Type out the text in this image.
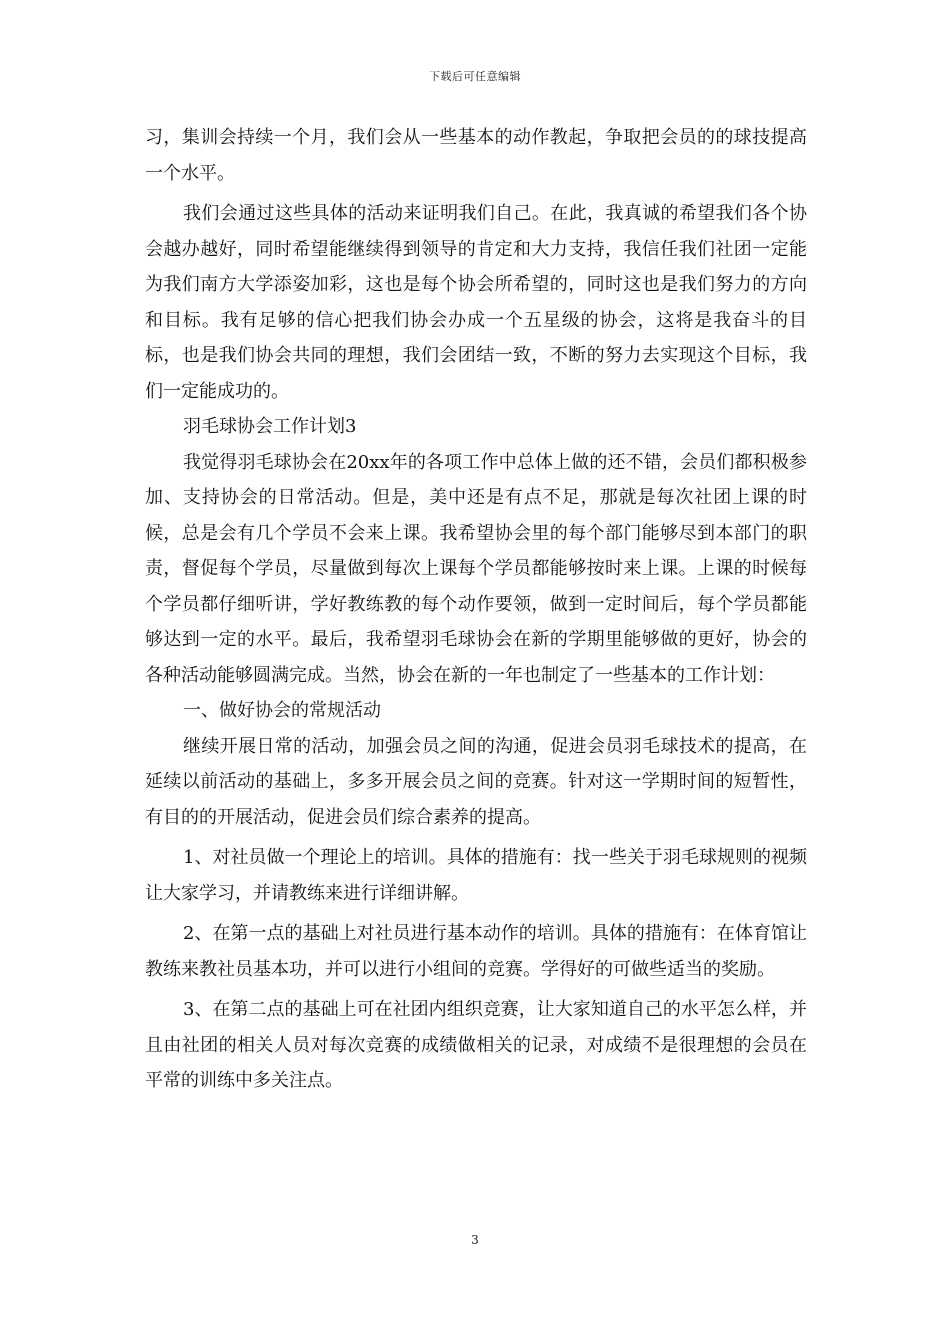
下载后可任意编辑

习，集训会持续一个月，我们会从一些基本的动作教起，争取把会员的的球技提高一个水平。

我们会通过这些具体的活动来证明我们自己。在此，我真诚的希望我们各个协会越办越好，同时希望能继续得到领导的肯定和大力支持，我信任我们社团一定能为我们南方大学添姿加彩，这也是每个协会所希望的，同时这也是我们努力的方向和目标。我有足够的信心把我们协会办成一个五星级的协会，这将是我奋斗的目标，也是我们协会共同的理想，我们会团结一致，不断的努力去实现这个目标，我们一定能成功的。

羽毛球协会工作计划3

我觉得羽毛球协会在20xx年的各项工作中总体上做的还不错，会员们都积极参加、支持协会的日常活动。但是，美中还是有点不足，那就是每次社团上课的时候，总是会有几个学员不会来上课。我希望协会里的每个部门能够尽到本部门的职责，督促每个学员，尽量做到每次上课每个学员都能够按时来上课。上课的时候每个学员都仔细听讲，学好教练教的每个动作要领，做到一定时间后，每个学员都能够达到一定的水平。最后，我希望羽毛球协会在新的学期里能够做的更好，协会的各种活动能够圆满完成。当然，协会在新的一年也制定了一些基本的工作计划：

一、做好协会的常规活动

继续开展日常的活动，加强会员之间的沟通，促进会员羽毛球技术的提高，在延续以前活动的基础上，多多开展会员之间的竞赛。针对这一学期时间的短暂性，有目的的开展活动，促进会员们综合素养的提高。

1、对社员做一个理论上的培训。具体的措施有：找一些关于羽毛球规则的视频让大家学习，并请教练来进行详细讲解。

2、在第一点的基础上对社员进行基本动作的培训。具体的措施有：在体育馆让教练来教社员基本功，并可以进行小组间的竞赛。学得好的可做些适当的奖励。

3、在第二点的基础上可在社团内组织竞赛，让大家知道自己的水平怎么样，并且由社团的相关人员对每次竞赛的成绩做相关的记录，对成绩不是很理想的会员在平常的训练中多关注点。

3
